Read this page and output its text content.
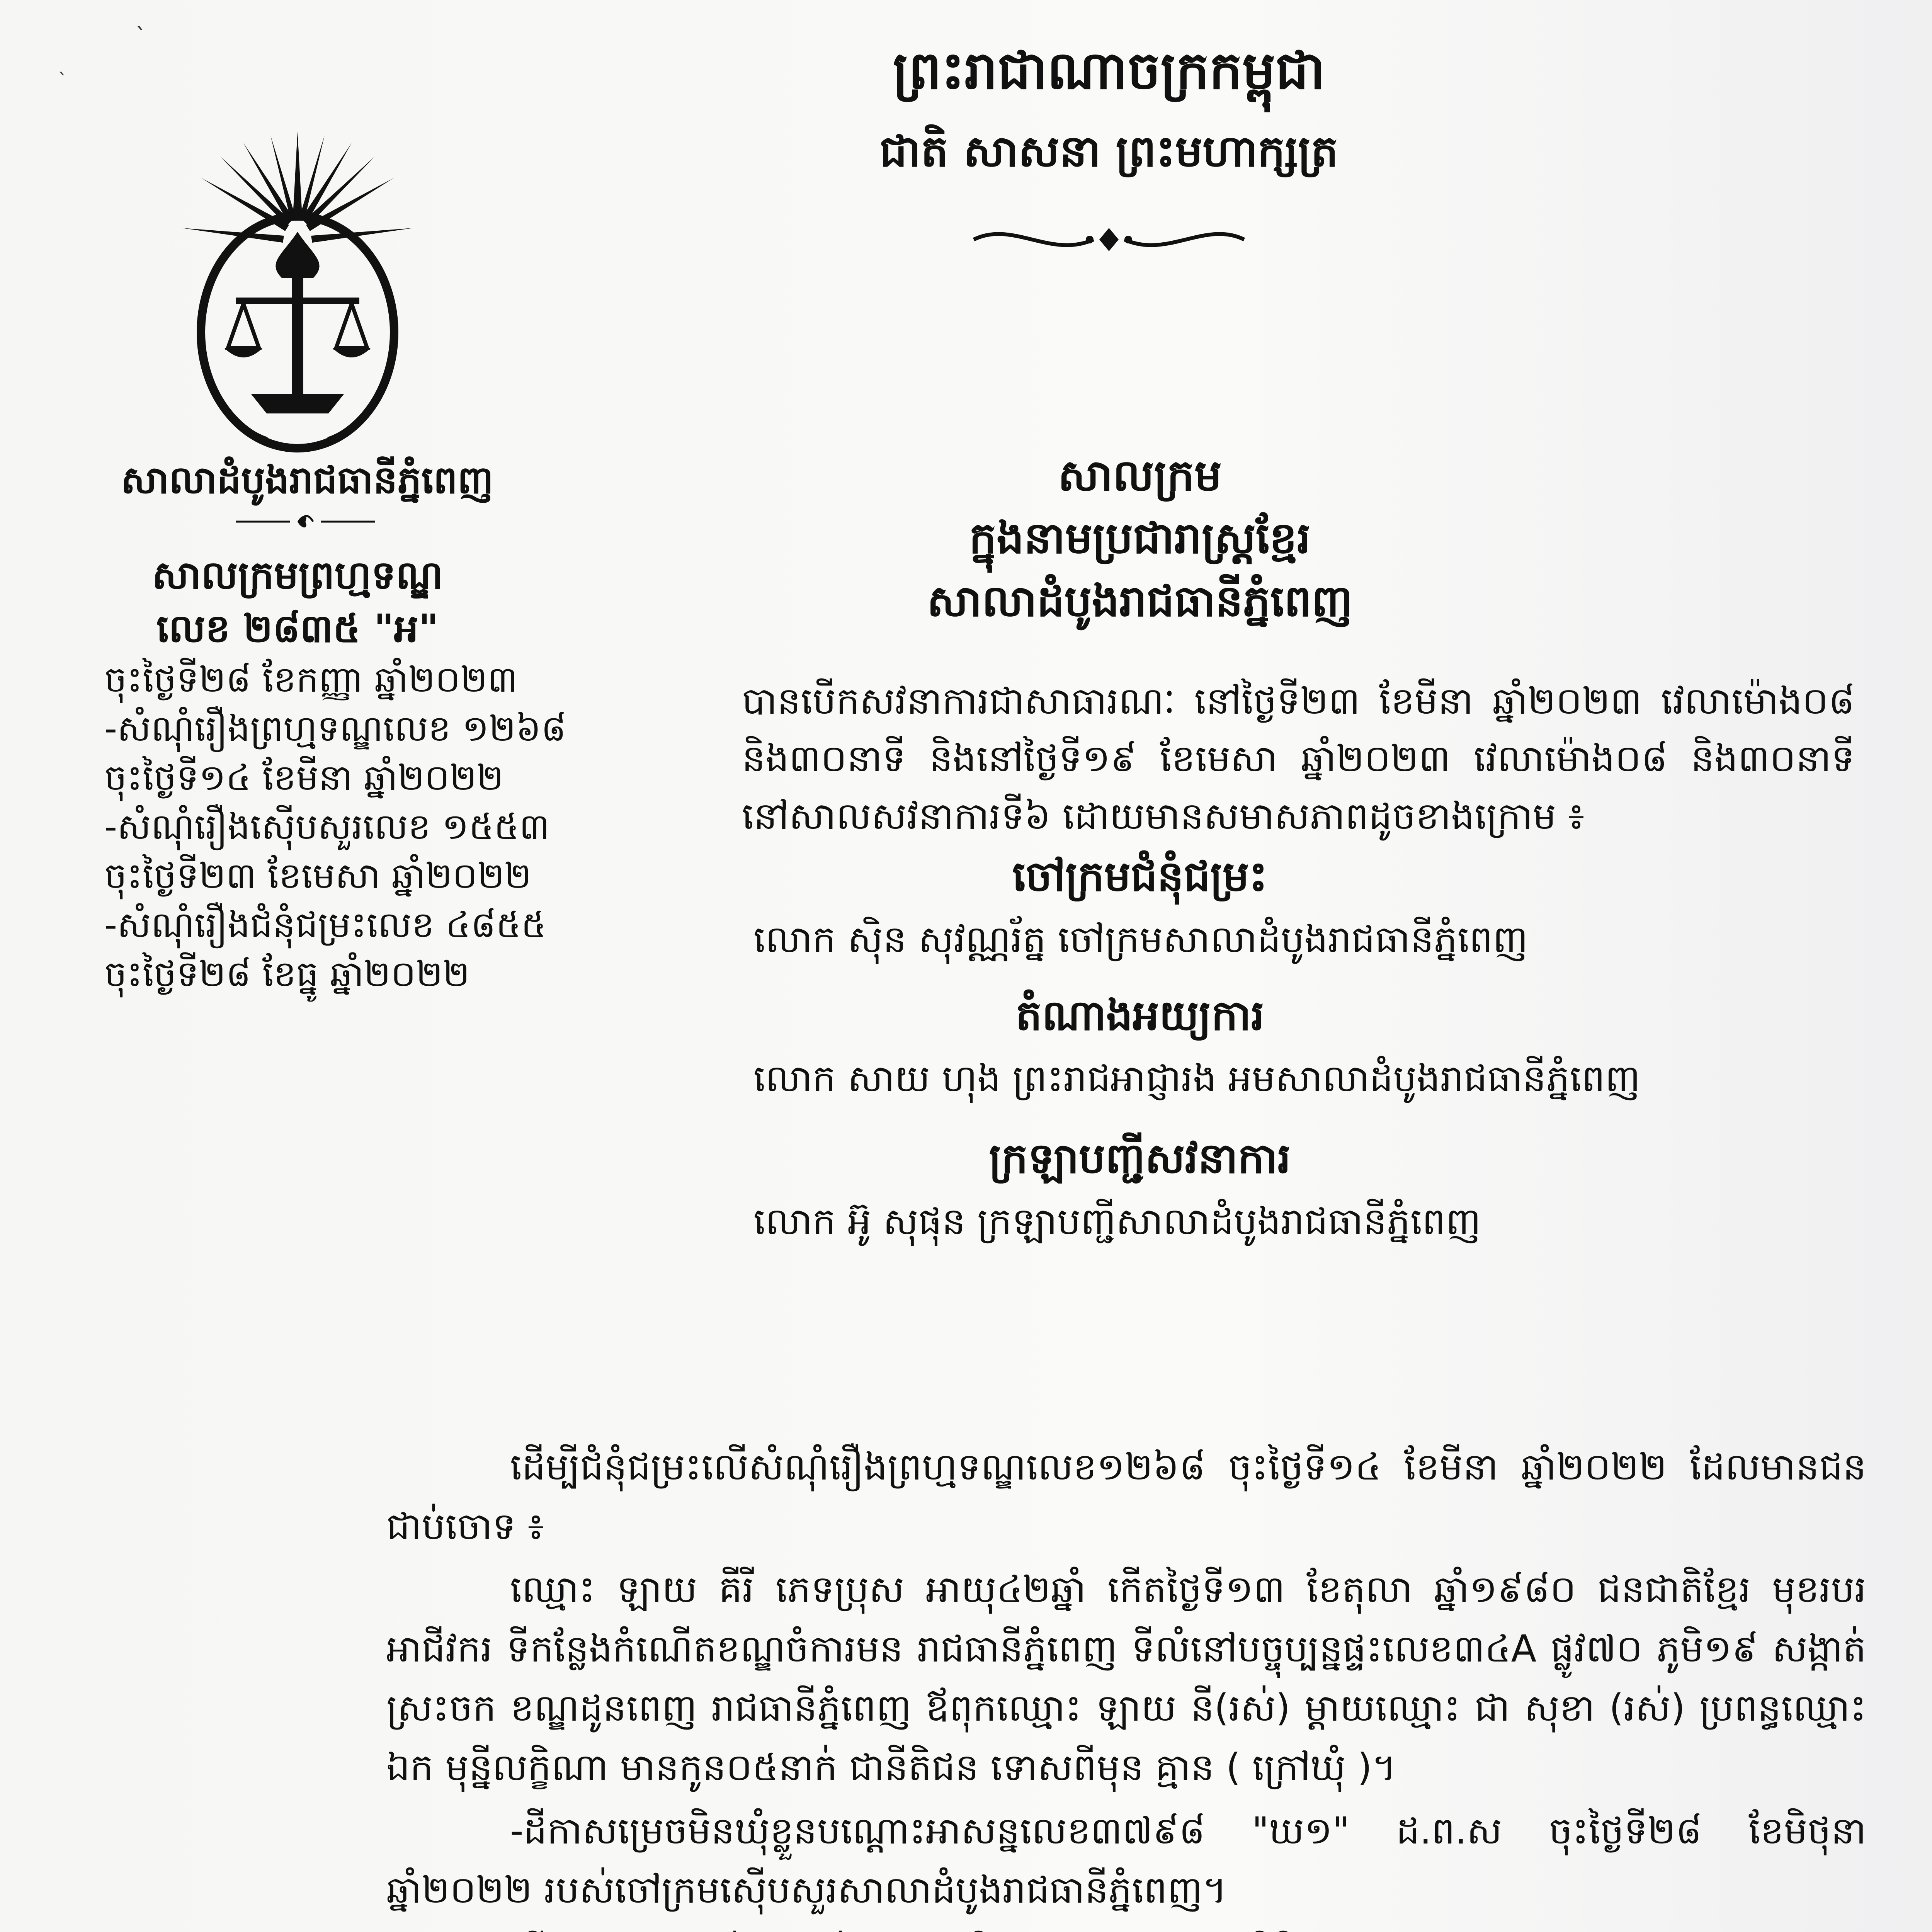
ˋ
ˋ	ព្រះរាជាណាចក្រកម្ពុជា
ជាតិ សាសនា ព្រះមហាក្សត្រ
សាលាដំបូងរាជធានីភ្នំពេញ
សាលក្រមព្រហ្មទណ្ឌ
លេខ ២៨៣៥ "អ"
ចុះថ្ងៃទី២៨ ខែកញ្ញា ឆ្នាំ២០២៣
-សំណុំរឿងព្រហ្មទណ្ឌលេខ ១២៦៨
ចុះថ្ងៃទី១៤ ខែមីនា ឆ្នាំ២០២២
-សំណុំរឿងស៊ើបសួរលេខ ១៥៥៣
ចុះថ្ងៃទី២៣ ខែមេសា ឆ្នាំ២០២២
-សំណុំរឿងជំនុំជម្រះលេខ ៤៨៥៥
ចុះថ្ងៃទី២៨ ខែធ្នូ ឆ្នាំ២០២២
សាលក្រម
ក្នុងនាមប្រជារាស្ត្រខ្មែរ
សាលាដំបូងរាជធានីភ្នំពេញ
បានបើកសវនាការជាសាធារណៈ នៅថ្ងៃទី២៣ ខែមីនា ឆ្នាំ២០២៣ វេលាម៉ោង០៨ និង៣០នាទី និងនៅថ្ងៃទី១៩ ខែមេសា ឆ្នាំ២០២៣ វេលាម៉ោង០៨ និង៣០នាទី នៅសាលសវនាការទី៦ ដោយមានសមាសភាពដូចខាងក្រោម ៖
ចៅក្រមជំនុំជម្រះ
លោក ស៊ិន សុវណ្ណរ័ត្ន ចៅក្រមសាលាដំបូងរាជធានីភ្នំពេញ
តំណាងអយ្យការ
លោក សាយ ហុង ព្រះរាជអាជ្ញារង អមសាលាដំបូងរាជធានីភ្នំពេញ
ក្រឡាបញ្ជីសវនាការ
លោក អ៊ូ សុផុន ក្រឡាបញ្ជីសាលាដំបូងរាជធានីភ្នំពេញ

ដើម្បីជំនុំជម្រះលើសំណុំរឿងព្រហ្មទណ្ឌលេខ១២៦៨ ចុះថ្ងៃទី១៤ ខែមីនា ឆ្នាំ២០២២ ដែលមានជនជាប់ចោទ ៖

ឈ្មោះ ឡាយ គីរី ភេទប្រុស អាយុ៤២ឆ្នាំ កើតថ្ងៃទី១៣ ខែតុលា ឆ្នាំ១៩៨០ ជនជាតិខ្មែរ មុខរបរ អាជីវករ ទីកន្លែងកំណើតខណ្ឌចំការមន រាជធានីភ្នំពេញ ទីលំនៅបច្ចុប្បន្នផ្ទះលេខ៣៤A ផ្លូវ៧០ ភូមិ១៩ សង្កាត់ស្រះចក ខណ្ឌដូនពេញ រាជធានីភ្នំពេញ ឪពុកឈ្មោះ ឡាយ នី(រស់) ម្តាយឈ្មោះ ជា សុខា (រស់) ប្រពន្ធឈ្មោះ ឯក មុន្នីលក្ខិណា មានកូន០៥នាក់ ជានីតិជន ទោសពីមុន គ្មាន ( ក្រៅឃុំ )។

-ដីកាសម្រេចមិនឃុំខ្លួនបណ្តោះអាសន្នលេខ៣៧៩៨ "ឃ១" ដ.ព.ស ចុះថ្ងៃទី២៨ ខែមិថុនា ឆ្នាំ២០២២ របស់ចៅក្រមស៊ើបសួរសាលាដំបូងរាជធានីភ្នំពេញ។
